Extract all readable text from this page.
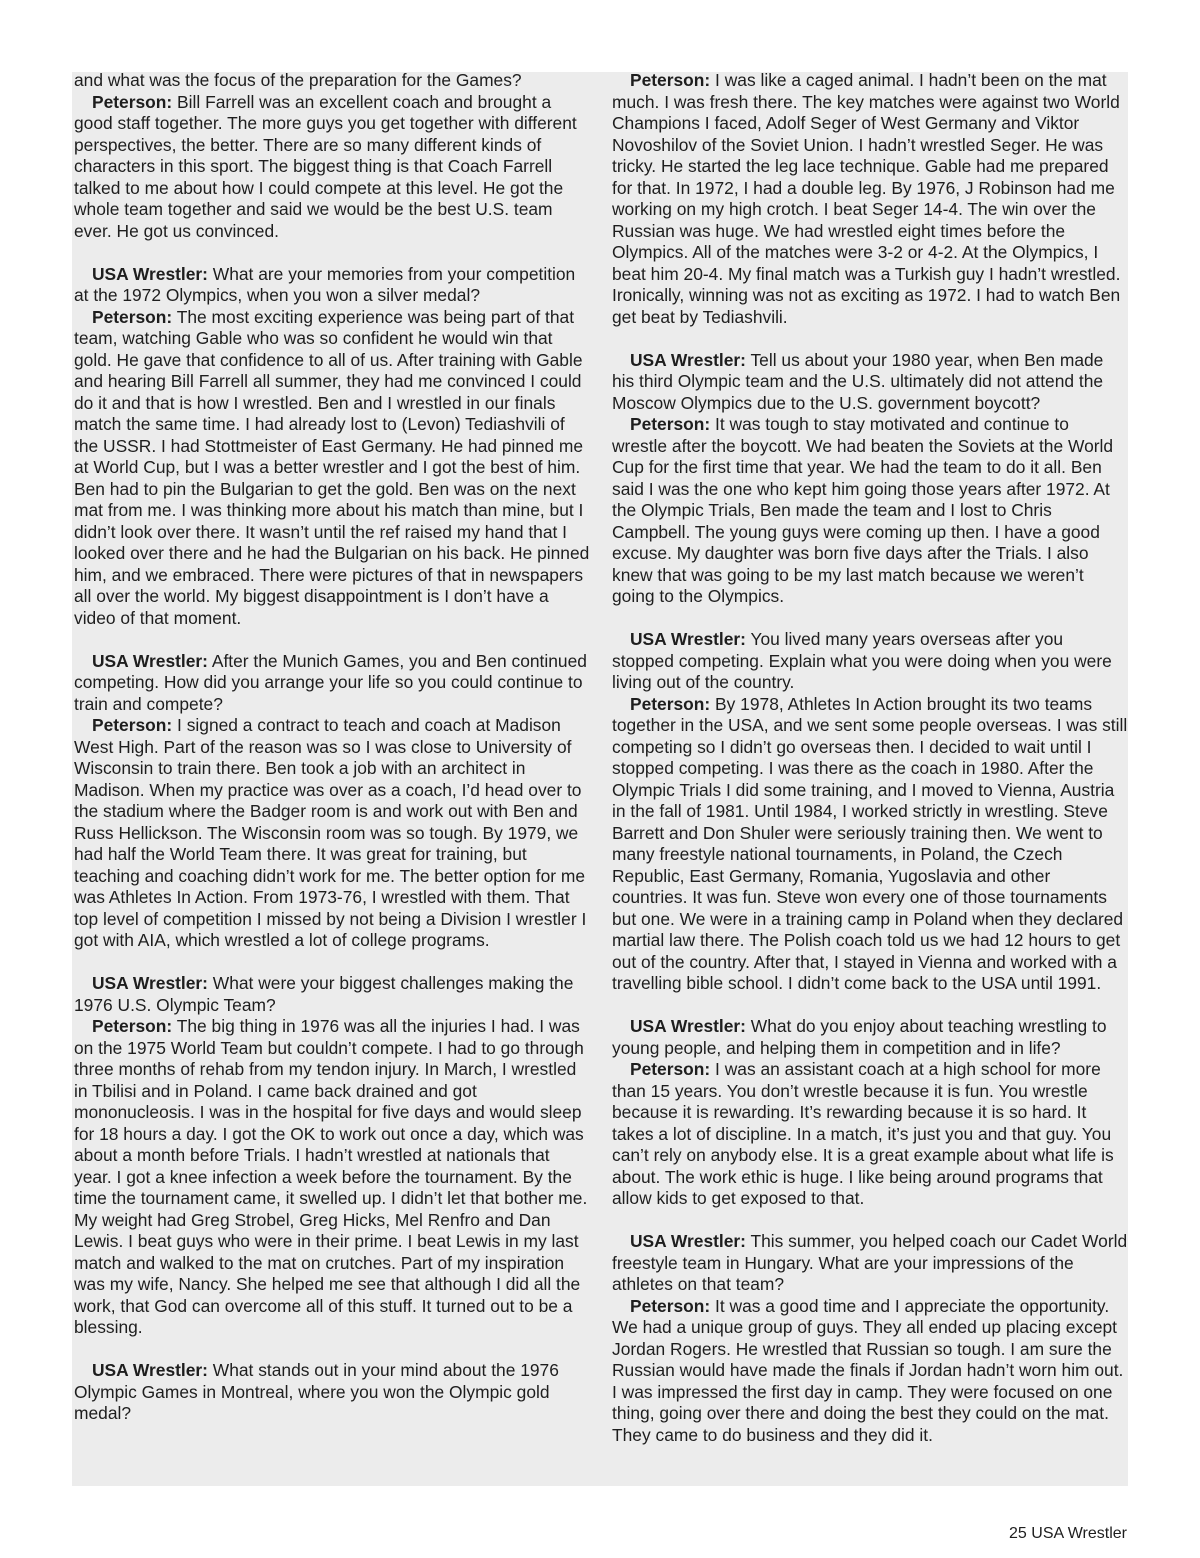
and what was the focus of the preparation for the Games?

Peterson: Bill Farrell was an excellent coach and brought a good staff together. The more guys you get together with different perspectives, the better. There are so many different kinds of characters in this sport. The biggest thing is that Coach Farrell talked to me about how I could compete at this level. He got the whole team together and said we would be the best U.S. team ever. He got us convinced.

USA Wrestler: What are your memories from your competition at the 1972 Olympics, when you won a silver medal?

Peterson: The most exciting experience was being part of that team, watching Gable who was so confident he would win that gold. He gave that confidence to all of us. After training with Gable and hearing Bill Farrell all summer, they had me convinced I could do it and that is how I wrestled. Ben and I wrestled in our finals match the same time. I had already lost to (Levon) Tediashvili of the USSR. I had Stottmeister of East Germany. He had pinned me at World Cup, but I was a better wrestler and I got the best of him. Ben had to pin the Bulgarian to get the gold. Ben was on the next mat from me. I was thinking more about his match than mine, but I didn’t look over there. It wasn’t until the ref raised my hand that I looked over there and he had the Bulgarian on his back. He pinned him, and we embraced. There were pictures of that in newspapers all over the world. My biggest disappointment is I don’t have a video of that moment.

USA Wrestler: After the Munich Games, you and Ben continued competing. How did you arrange your life so you could continue to train and compete?

Peterson: I signed a contract to teach and coach at Madison West High. Part of the reason was so I was close to University of Wisconsin to train there. Ben took a job with an architect in Madison. When my practice was over as a coach, I’d head over to the stadium where the Badger room is and work out with Ben and Russ Hellickson. The Wisconsin room was so tough. By 1979, we had half the World Team there. It was great for training, but teaching and coaching didn’t work for me. The better option for me was Athletes In Action. From 1973-76, I wrestled with them. That top level of competition I missed by not being a Division I wrestler I got with AIA, which wrestled a lot of college programs.

USA Wrestler: What were your biggest challenges making the 1976 U.S. Olympic Team?

Peterson: The big thing in 1976 was all the injuries I had. I was on the 1975 World Team but couldn’t compete. I had to go through three months of rehab from my tendon injury. In March, I wrestled in Tbilisi and in Poland. I came back drained and got mononucleosis. I was in the hospital for five days and would sleep for 18 hours a day. I got the OK to work out once a day, which was about a month before Trials. I hadn’t wrestled at nationals that year. I got a knee infection a week before the tournament. By the time the tournament came, it swelled up. I didn’t let that bother me. My weight had Greg Strobel, Greg Hicks, Mel Renfro and Dan Lewis. I beat guys who were in their prime. I beat Lewis in my last match and walked to the mat on crutches. Part of my inspiration was my wife, Nancy. She helped me see that although I did all the work, that God can overcome all of this stuff. It turned out to be a blessing.

USA Wrestler: What stands out in your mind about the 1976 Olympic Games in Montreal, where you won the Olympic gold medal?

Peterson: I was like a caged animal. I hadn’t been on the mat much. I was fresh there. The key matches were against two World Champions I faced, Adolf Seger of West Germany and Viktor Novoshilov of the Soviet Union. I hadn’t wrestled Seger. He was tricky. He started the leg lace technique. Gable had me prepared for that. In 1972, I had a double leg. By 1976, J Robinson had me working on my high crotch. I beat Seger 14-4. The win over the Russian was huge. We had wrestled eight times before the Olympics. All of the matches were 3-2 or 4-2. At the Olympics, I beat him 20-4. My final match was a Turkish guy I hadn’t wrestled. Ironically, winning was not as exciting as 1972. I had to watch Ben get beat by Tediashvili.

USA Wrestler: Tell us about your 1980 year, when Ben made his third Olympic team and the U.S. ultimately did not attend the Moscow Olympics due to the U.S. government boycott?

Peterson: It was tough to stay motivated and continue to wrestle after the boycott. We had beaten the Soviets at the World Cup for the first time that year. We had the team to do it all. Ben said I was the one who kept him going those years after 1972. At the Olympic Trials, Ben made the team and I lost to Chris Campbell. The young guys were coming up then. I have a good excuse. My daughter was born five days after the Trials. I also knew that was going to be my last match because we weren’t going to the Olympics.

USA Wrestler: You lived many years overseas after you stopped competing. Explain what you were doing when you were living out of the country.

Peterson: By 1978, Athletes In Action brought its two teams together in the USA, and we sent some people overseas. I was still competing so I didn’t go overseas then. I decided to wait until I stopped competing. I was there as the coach in 1980. After the Olympic Trials I did some training, and I moved to Vienna, Austria in the fall of 1981. Until 1984, I worked strictly in wrestling. Steve Barrett and Don Shuler were seriously training then. We went to many freestyle national tournaments, in Poland, the Czech Republic, East Germany, Romania, Yugoslavia and other countries. It was fun. Steve won every one of those tournaments but one. We were in a training camp in Poland when they declared martial law there. The Polish coach told us we had 12 hours to get out of the country. After that, I stayed in Vienna and worked with a travelling bible school. I didn’t come back to the USA until 1991.

USA Wrestler: What do you enjoy about teaching wrestling to young people, and helping them in competition and in life?

Peterson: I was an assistant coach at a high school for more than 15 years. You don’t wrestle because it is fun. You wrestle because it is rewarding. It’s rewarding because it is so hard. It takes a lot of discipline. In a match, it’s just you and that guy. You can’t rely on anybody else. It is a great example about what life is about. The work ethic is huge. I like being around programs that allow kids to get exposed to that.

USA Wrestler: This summer, you helped coach our Cadet World freestyle team in Hungary. What are your impressions of the athletes on that team?

Peterson: It was a good time and I appreciate the opportunity. We had a unique group of guys. They all ended up placing except Jordan Rogers. He wrestled that Russian so tough. I am sure the Russian would have made the finals if Jordan hadn’t worn him out. I was impressed the first day in camp. They were focused on one thing, going over there and doing the best they could on the mat. They came to do business and they did it.

25 USA Wrestler
